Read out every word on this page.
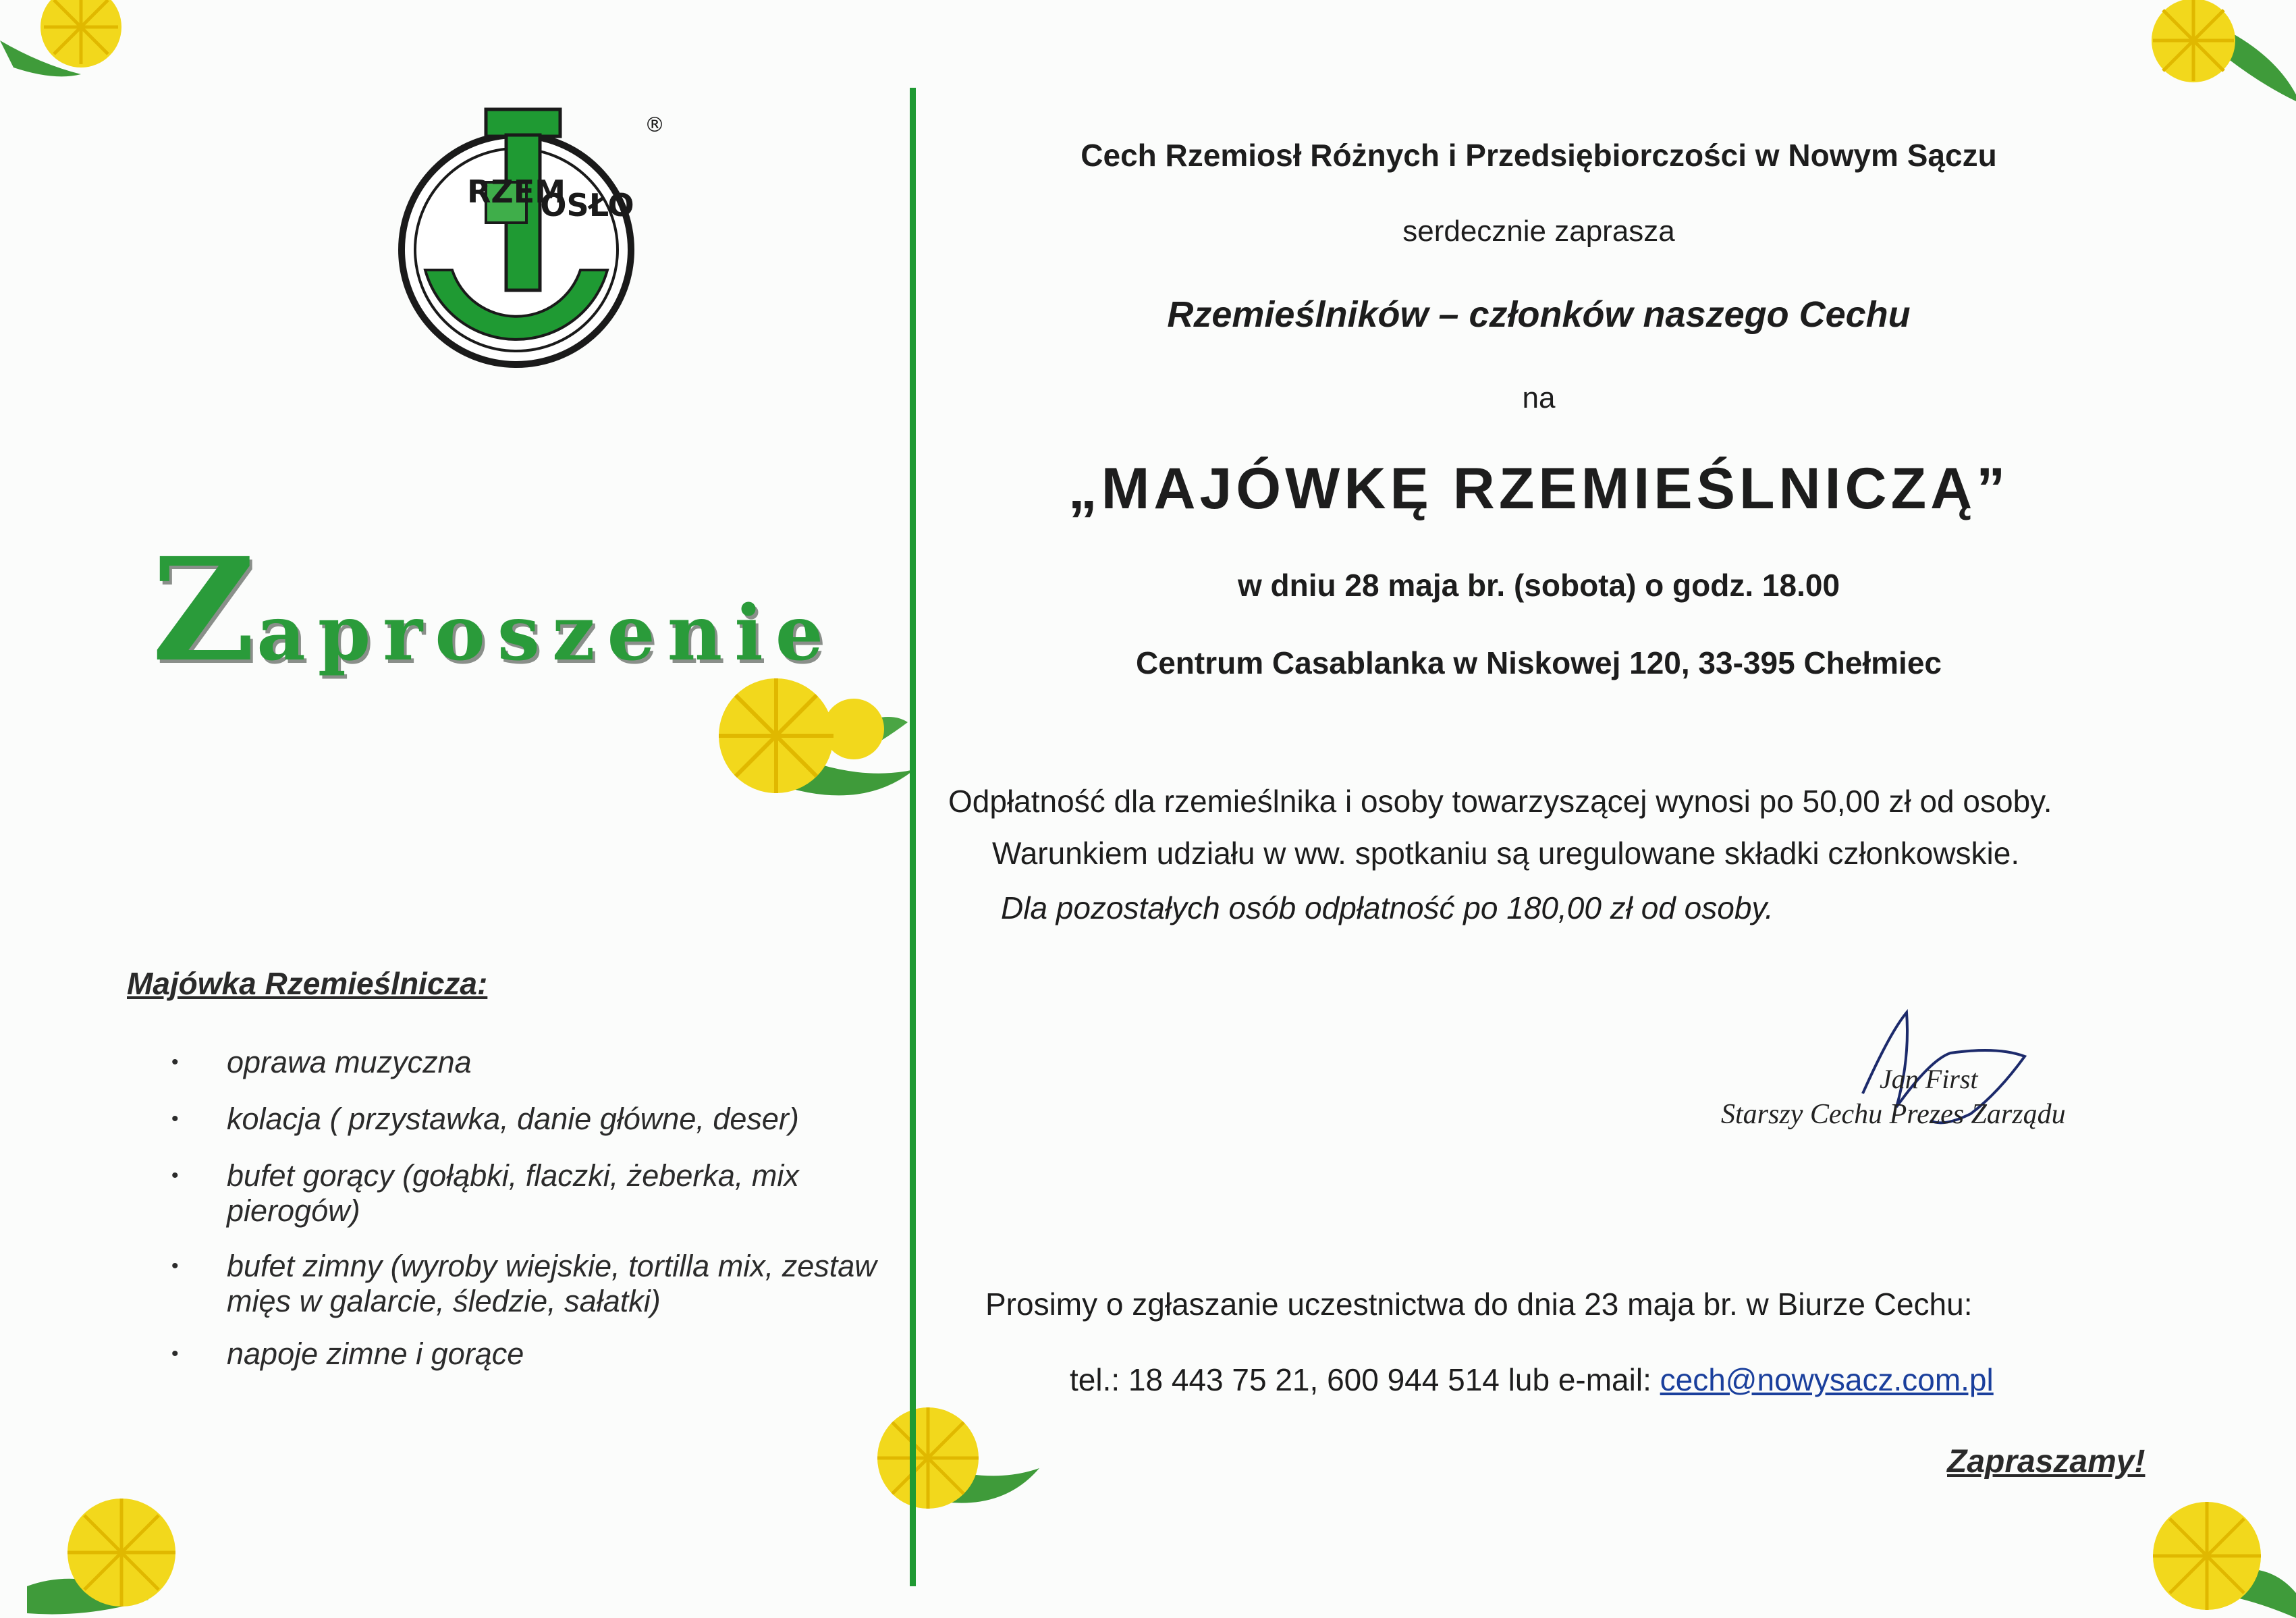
RZEM
OSŁO
®
Zaproszenie
Majówka Rzemieślnicza:
• oprawa muzyczna
• kolacja ( przystawka, danie główne, deser)
• bufet gorący (gołąbki, flaczki, żeberka, mix pierogów)
• bufet zimny (wyroby wiejskie, tortilla mix, zestaw mięs w galarcie, śledzie, sałatki)
• napoje zimne i gorące
Cech Rzemiosł Różnych i Przedsiębiorczości w Nowym Sączu
serdecznie zaprasza
Rzemieślników – członków naszego Cechu
na
„MAJÓWKĘ RZEMIEŚLNICZĄ”
w dniu 28 maja br. (sobota) o godz. 18.00
Centrum Casablanka w Niskowej 120, 33-395 Chełmiec
Odpłatność dla rzemieślnika i osoby towarzyszącej wynosi po 50,00 zł od osoby.
Warunkiem udziału w ww. spotkaniu są uregulowane składki członkowskie.
Dla pozostałych osób odpłatność po 180,00 zł od osoby.
Jan First
Starszy Cechu Prezes Zarządu
Prosimy o zgłaszanie uczestnictwa do dnia 23 maja br. w Biurze Cechu:
tel.: 18 443 75 21, 600 944 514 lub e-mail: cech@nowysacz.com.pl
Zapraszamy!
